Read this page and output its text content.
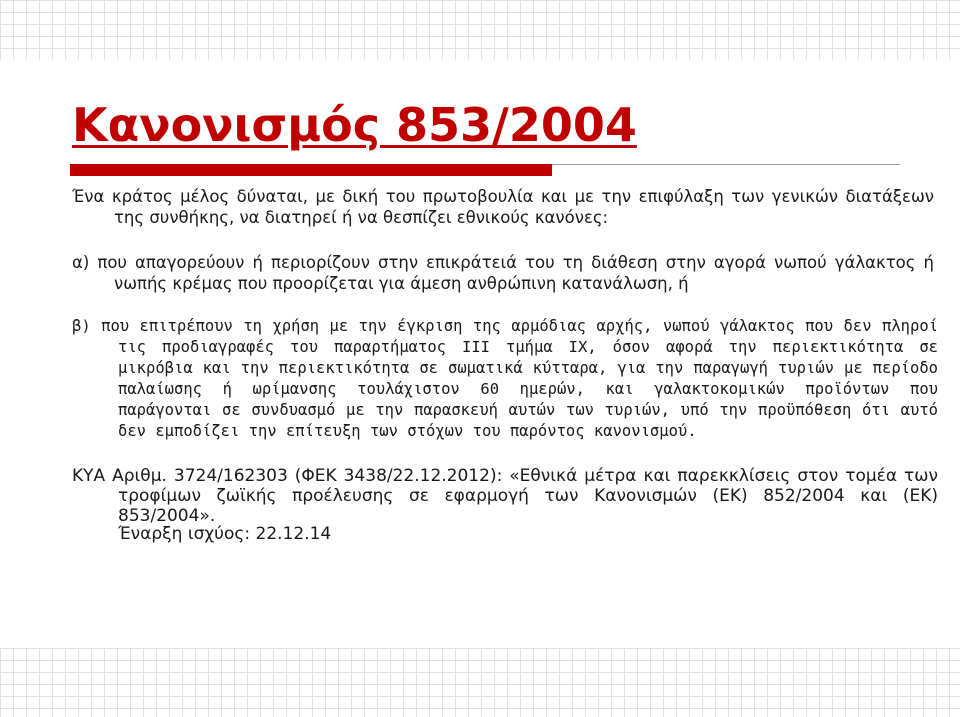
Κανονισμός 853/2004

Ένα κράτος μέλος δύναται, με δική του πρωτοβουλία και με την επιφύλαξη των γενικών διατάξεων της συνθήκης, να διατηρεί ή να θεσπίζει εθνικούς κανόνες:

α) που απαγορεύουν ή περιορίζουν στην επικράτειά του τη διάθεση στην αγορά νωπού γάλακτος ή νωπής κρέμας που προορίζεται για άμεση ανθρώπινη κατανάλωση, ή

β) που επιτρέπουν τη χρήση με την έγκριση της αρμόδιας αρχής, νωπού γάλακτος που δεν πληροί τις προδιαγραφές του παραρτήματος III τμήμα IX, όσον αφορά την περιεκτικότητα σε μικρόβια και την περιεκτικότητα σε σωματικά κύτταρα, για την παραγωγή τυριών με περίοδο παλαίωσης ή ωρίμανσης τουλάχιστον 60 ημερών, και γαλακτοκομικών προϊόντων που παράγονται σε συνδυασμό με την παρασκευή αυτών των τυριών, υπό την προϋπόθεση ότι αυτό δεν εμποδίζει την επίτευξη των στόχων του παρόντος κανονισμού.

ΚΥΑ Αριθμ. 3724/162303 (ΦΕΚ 3438/22.12.2012): «Εθνικά μέτρα και παρεκκλίσεις στον τομέα των τροφίμων ζωϊκής προέλευσης σε εφαρμογή των Κανονισμών (ΕΚ) 852/2004 και (ΕΚ) 853/2004».

Έναρξη ισχύος: 22.12.14
